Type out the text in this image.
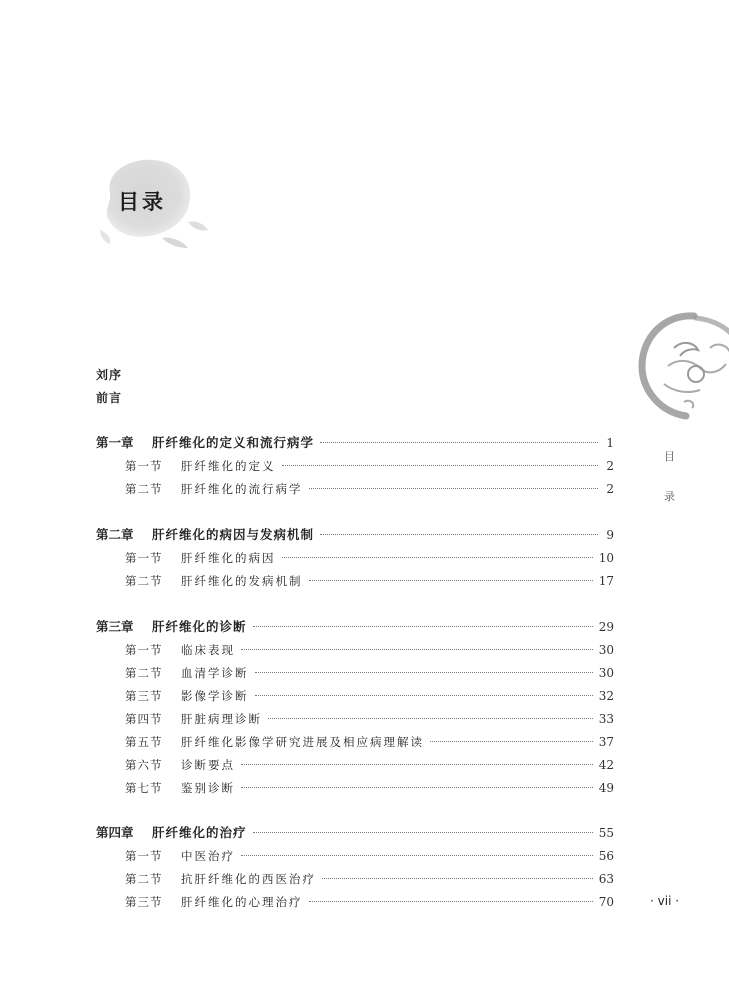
目录
目
录
刘序
前言
第一章	肝纤维化的定义和流行病学	1
第一节	肝纤维化的定义	2
第二节	肝纤维化的流行病学	2
第二章	肝纤维化的病因与发病机制	9
第一节	肝纤维化的病因	10
第二节	肝纤维化的发病机制	17
第三章	肝纤维化的诊断	29
第一节	临床表现	30
第二节	血清学诊断	30
第三节	影像学诊断	32
第四节	肝脏病理诊断	33
第五节	肝纤维化影像学研究进展及相应病理解读	37
第六节	诊断要点	42
第七节	鉴别诊断	49
第四章	肝纤维化的治疗	55
第一节	中医治疗	56
第二节	抗肝纤维化的西医治疗	63
第三节	肝纤维化的心理治疗	70	· vii ·
